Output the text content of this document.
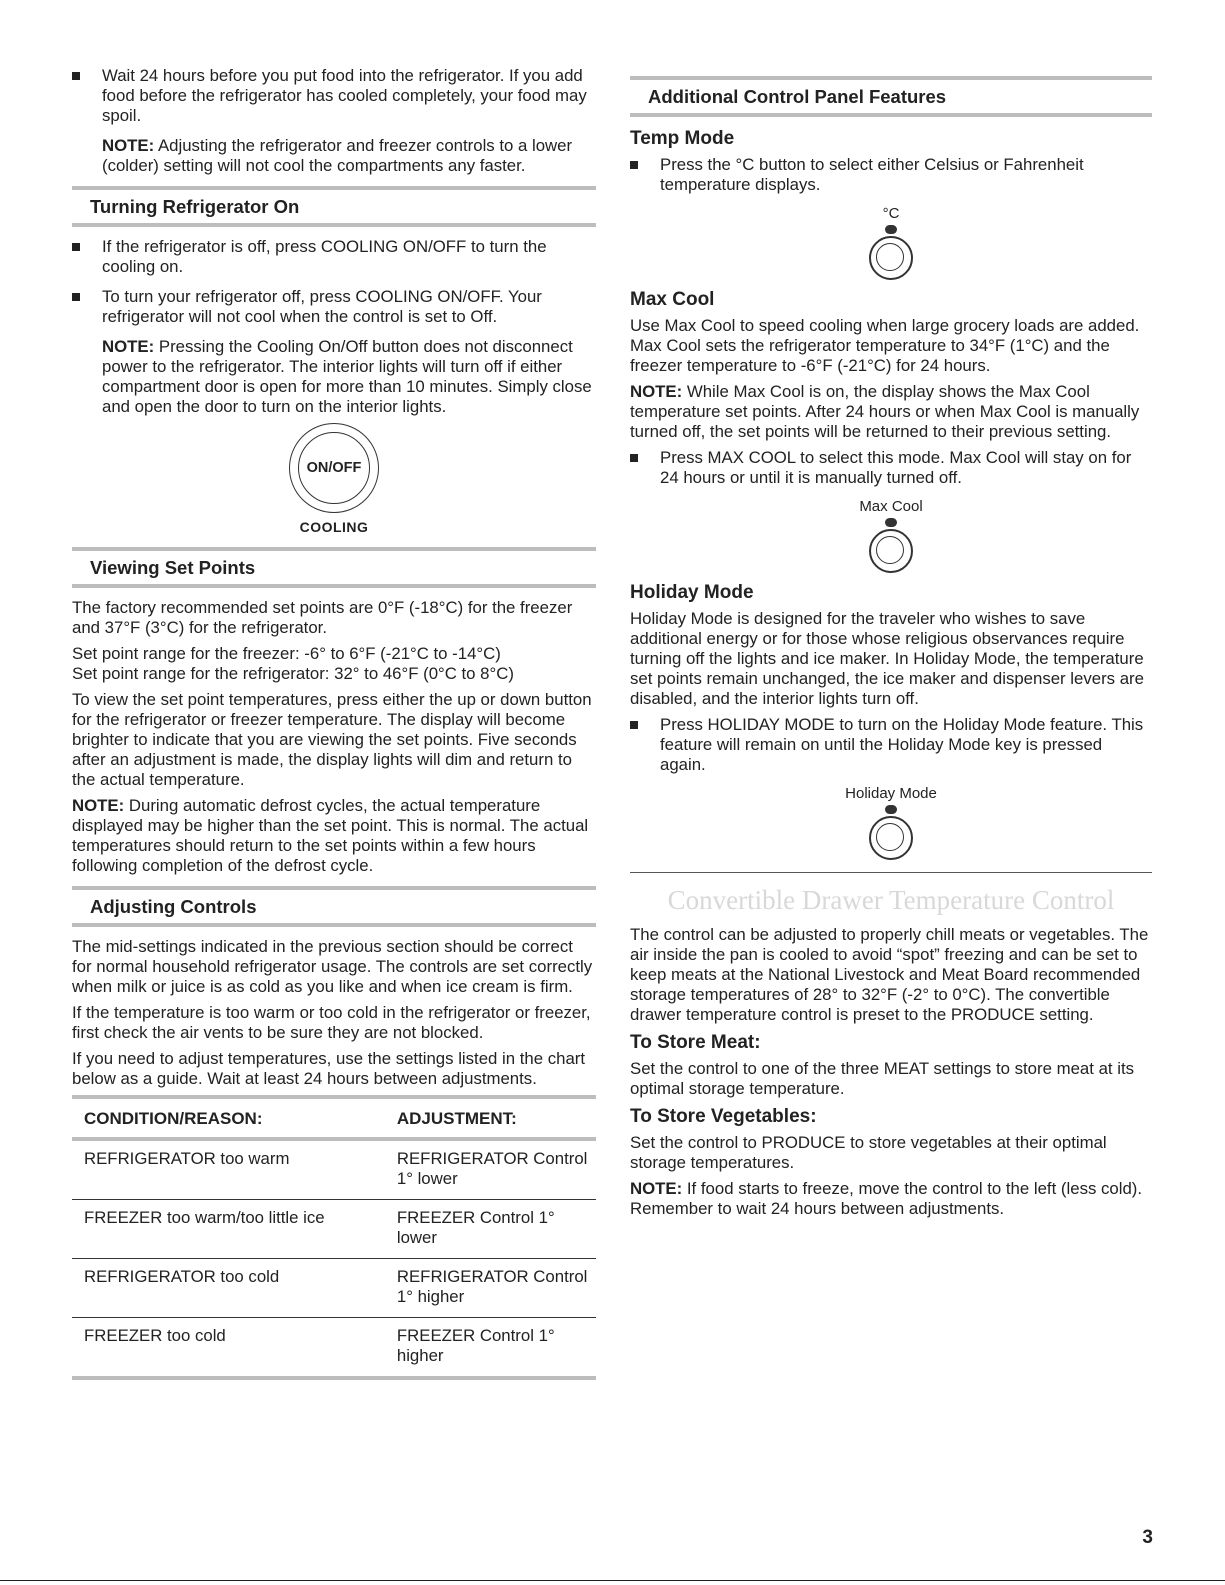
Wait 24 hours before you put food into the refrigerator. If you add food before the refrigerator has cooled completely, your food may spoil.

NOTE: Adjusting the refrigerator and freezer controls to a lower (colder) setting will not cool the compartments any faster.

Turning Refrigerator On

If the refrigerator is off, press COOLING ON/OFF to turn the cooling on.

To turn your refrigerator off, press COOLING ON/OFF. Your refrigerator will not cool when the control is set to Off.

NOTE: Pressing the Cooling On/Off button does not disconnect power to the refrigerator. The interior lights will turn off if either compartment door is open for more than 10 minutes. Simply close and open the door to turn on the interior lights.

ON/OFF
COOLING
Viewing Set Points

The factory recommended set points are 0°F (-18°C) for the freezer and 37°F (3°C) for the refrigerator.

Set point range for the freezer: -6° to 6°F (-21°C to -14°C)
Set point range for the refrigerator: 32° to 46°F (0°C to 8°C)

To view the set point temperatures, press either the up or down button for the refrigerator or freezer temperature. The display will become brighter to indicate that you are viewing the set points. Five seconds after an adjustment is made, the display lights will dim and return to the actual temperature.

NOTE: During automatic defrost cycles, the actual temperature displayed may be higher than the set point. This is normal. The actual temperatures should return to the set points within a few hours following completion of the defrost cycle.

Adjusting Controls

The mid-settings indicated in the previous section should be correct for normal household refrigerator usage. The controls are set correctly when milk or juice is as cold as you like and when ice cream is firm.

If the temperature is too warm or too cold in the refrigerator or freezer, first check the air vents to be sure they are not blocked.

If you need to adjust temperatures, use the settings listed in the chart below as a guide. Wait at least 24 hours between adjustments.

CONDITION/REASON:	ADJUSTMENT:
REFRIGERATOR too warm	REFRIGERATOR Control 1° lower
FREEZER too warm/too little ice	FREEZER Control 1° lower
REFRIGERATOR too cold	REFRIGERATOR Control 1° higher
FREEZER too cold	FREEZER Control 1° higher
Additional Control Panel Features
Temp Mode

Press the °C button to select either Celsius or Fahrenheit temperature displays.

°C
Max Cool

Use Max Cool to speed cooling when large grocery loads are added. Max Cool sets the refrigerator temperature to 34°F (1°C) and the freezer temperature to -6°F (-21°C) for 24 hours.

NOTE: While Max Cool is on, the display shows the Max Cool temperature set points. After 24 hours or when Max Cool is manually turned off, the set points will be returned to their previous setting.

Press MAX COOL to select this mode. Max Cool will stay on for 24 hours or until it is manually turned off.

Max Cool
Holiday Mode

Holiday Mode is designed for the traveler who wishes to save additional energy or for those whose religious observances require turning off the lights and ice maker. In Holiday Mode, the temperature set points remain unchanged, the ice maker and dispenser levers are disabled, and the interior lights turn off.

Press HOLIDAY MODE to turn on the Holiday Mode feature. This feature will remain on until the Holiday Mode key is pressed again.

Holiday Mode
Convertible Drawer Temperature Control

The control can be adjusted to properly chill meats or vegetables. The air inside the pan is cooled to avoid “spot” freezing and can be set to keep meats at the National Livestock and Meat Board recommended storage temperatures of 28° to 32°F (-2° to 0°C). The convertible drawer temperature control is preset to the PRODUCE setting.

To Store Meat:

Set the control to one of the three MEAT settings to store meat at its optimal storage temperature.

To Store Vegetables:

Set the control to PRODUCE to store vegetables at their optimal storage temperatures.

NOTE: If food starts to freeze, move the control to the left (less cold). Remember to wait 24 hours between adjustments.

3
